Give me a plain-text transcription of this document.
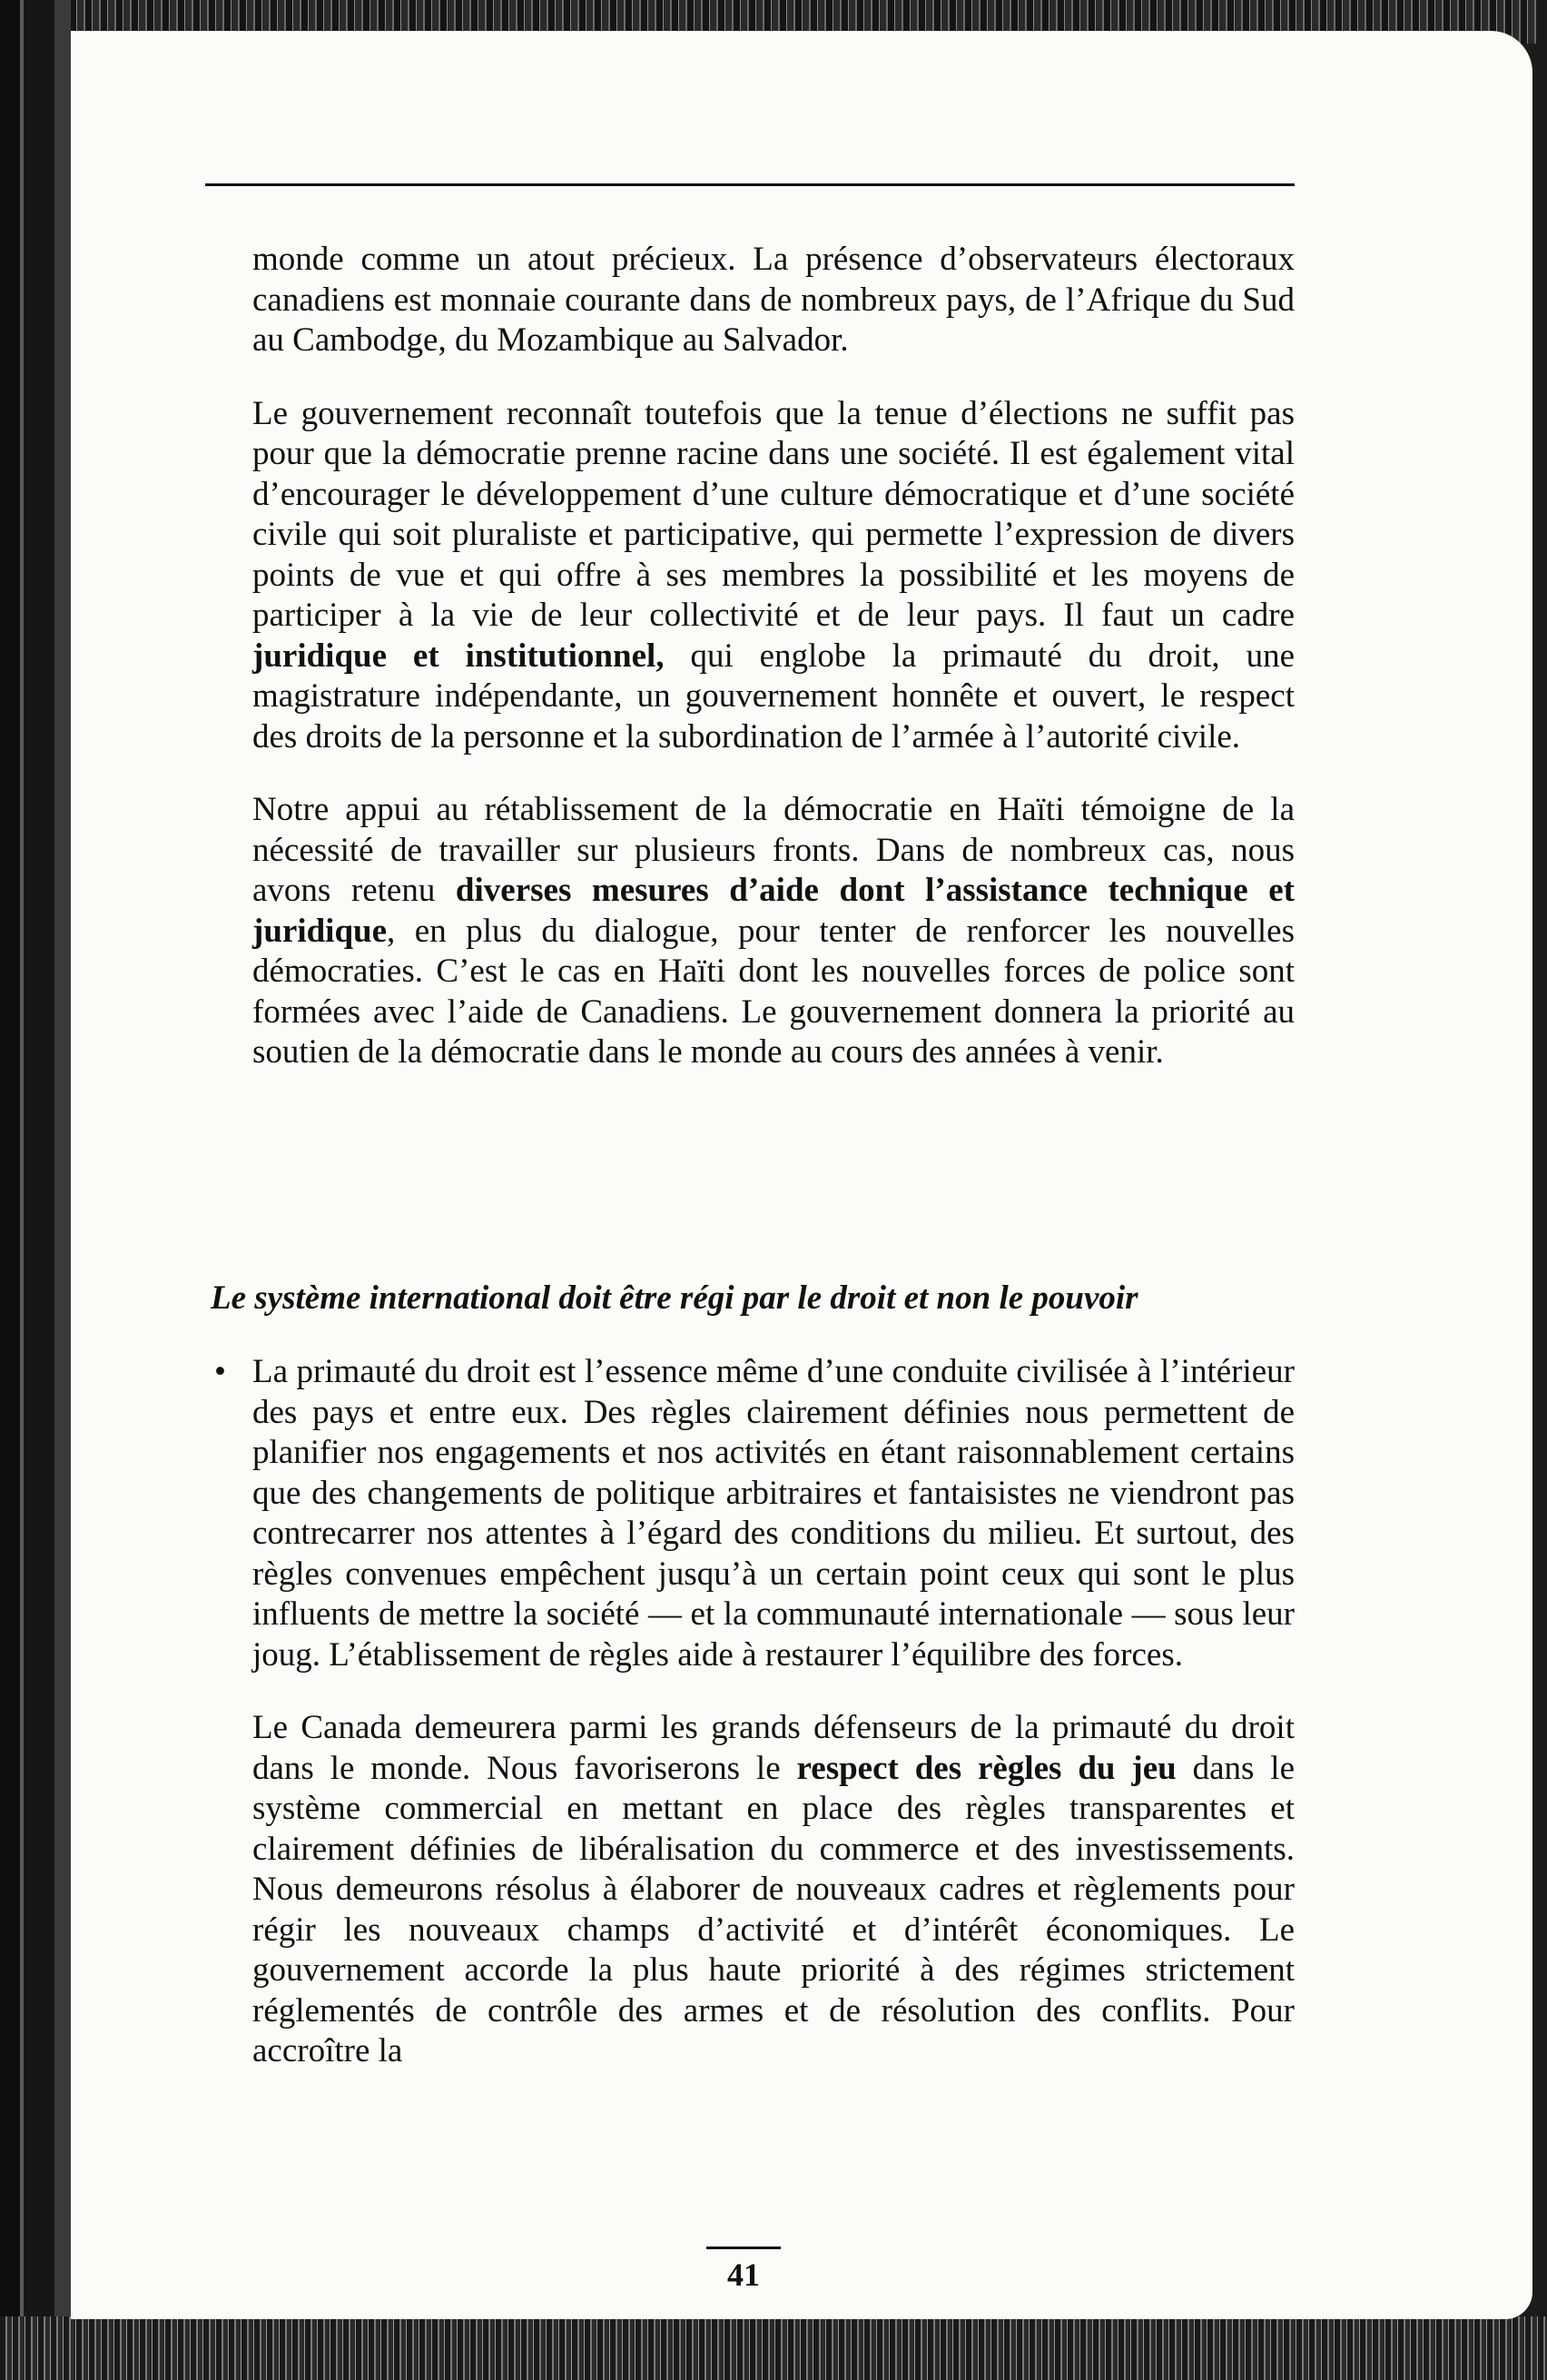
monde comme un atout précieux. La présence d’observateurs électoraux canadiens est monnaie courante dans de nombreux pays, de l’Afrique du Sud au Cambodge, du Mozambique au Salvador.

Le gouvernement reconnaît toutefois que la tenue d’élections ne suffit pas pour que la démocratie prenne racine dans une société. Il est également vital d’encourager le développement d’une culture démocratique et d’une société civile qui soit pluraliste et participative, qui permette l’expression de divers points de vue et qui offre à ses membres la possibilité et les moyens de participer à la vie de leur collectivité et de leur pays. Il faut un cadre juridique et institutionnel, qui englobe la primauté du droit, une magistrature indépendante, un gouvernement honnête et ouvert, le respect des droits de la personne et la subordination de l’armée à l’autorité civile.

Notre appui au rétablissement de la démocratie en Haïti témoigne de la nécessité de travailler sur plusieurs fronts. Dans de nombreux cas, nous avons retenu diverses mesures d’aide dont l’assistance technique et juridique, en plus du dialogue, pour tenter de renforcer les nouvelles démocraties. C’est le cas en Haïti dont les nouvelles forces de police sont formées avec l’aide de Canadiens. Le gouvernement donnera la priorité au soutien de la démocratie dans le monde au cours des années à venir.

Le système international doit être régi par le droit et non le pouvoir
• La primauté du droit est l’essence même d’une conduite civilisée à l’intérieur des pays et entre eux. Des règles clairement définies nous permettent de planifier nos engagements et nos activités en étant raisonnablement certains que des changements de politique arbitraires et fantaisistes ne viendront pas contrecarrer nos attentes à l’égard des conditions du milieu. Et surtout, des règles convenues empêchent jusqu’à un certain point ceux qui sont le plus influents de mettre la société — et la communauté internationale — sous leur joug. L’établissement de règles aide à restaurer l’équilibre des forces.

Le Canada demeurera parmi les grands défenseurs de la primauté du droit dans le monde. Nous favoriserons le respect des règles du jeu dans le système commercial en mettant en place des règles transparentes et clairement définies de libéralisation du commerce et des investissements. Nous demeurons résolus à élaborer de nouveaux cadres et règlements pour régir les nouveaux champs d’activité et d’intérêt économiques. Le gouvernement accorde la plus haute priorité à des régimes strictement réglementés de contrôle des armes et de résolution des conflits. Pour accroître la

41
